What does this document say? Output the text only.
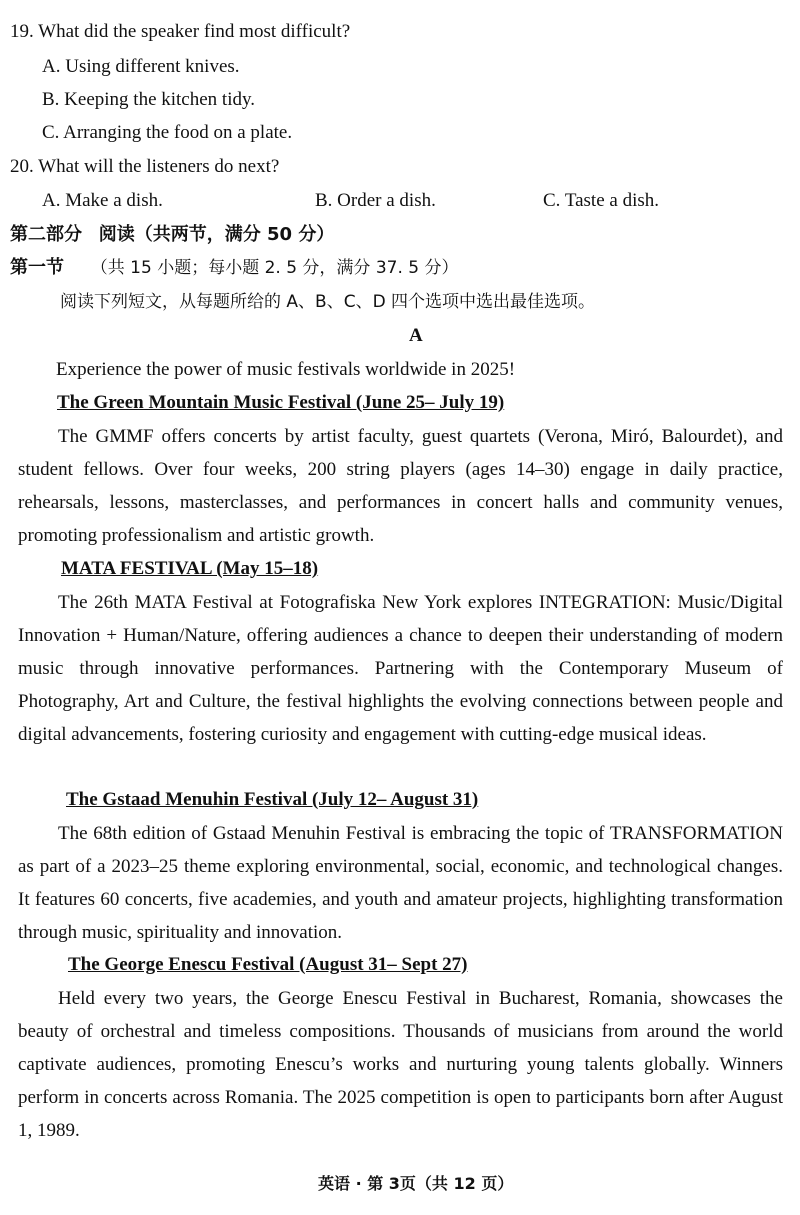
19. What did the speaker find most difficult?
A. Using different knives.
B. Keeping the kitchen tidy.
C. Arranging the food on a plate.
20. What will the listeners do next?
A. Make a dish.	B. Order a dish.	C. Taste a dish.
第二部分 阅读（共两节，满分 50 分）
第一节 （共 15 小题；每小题 2. 5 分，满分 37. 5 分）
阅读下列短文，从每题所给的 A、B、C、D 四个选项中选出最佳选项。
A
Experience the power of music festivals worldwide in 2025!
The Green Mountain Music Festival (June 25– July 19)
The GMMF offers concerts by artist faculty, guest quartets (Verona, Miró, Balourdet), and student fellows. Over four weeks, 200 string players (ages 14–30) engage in daily practice, rehearsals, lessons, masterclasses, and performances in concert halls and community venues, promoting professionalism and artistic growth.
MATA FESTIVAL (May 15–18)
The 26th MATA Festival at Fotografiska New York explores INTEGRATION: Music/Digital Innovation + Human/Nature, offering audiences a chance to deepen their understanding of modern music through innovative performances. Partnering with the Contemporary Museum of Photography, Art and Culture, the festival highlights the evolving connections between people and digital advancements, fostering curiosity and engagement with cutting-edge musical ideas.
The Gstaad Menuhin Festival (July 12– August 31)
The 68th edition of Gstaad Menuhin Festival is embracing the topic of TRANSFORMATION as part of a 2023–25 theme exploring environmental, social, economic, and technological changes. It features 60 concerts, five academies, and youth and amateur projects, highlighting transformation through music, spirituality and innovation.
The George Enescu Festival (August 31– Sept 27)
Held every two years, the George Enescu Festival in Bucharest, Romania, showcases the beauty of orchestral and timeless compositions. Thousands of musicians from around the world captivate audiences, promoting Enescu’s works and nurturing young talents globally. Winners perform in concerts across Romania. The 2025 competition is open to participants born after August 1, 1989.
英语 · 第 3页（共 12 页）
